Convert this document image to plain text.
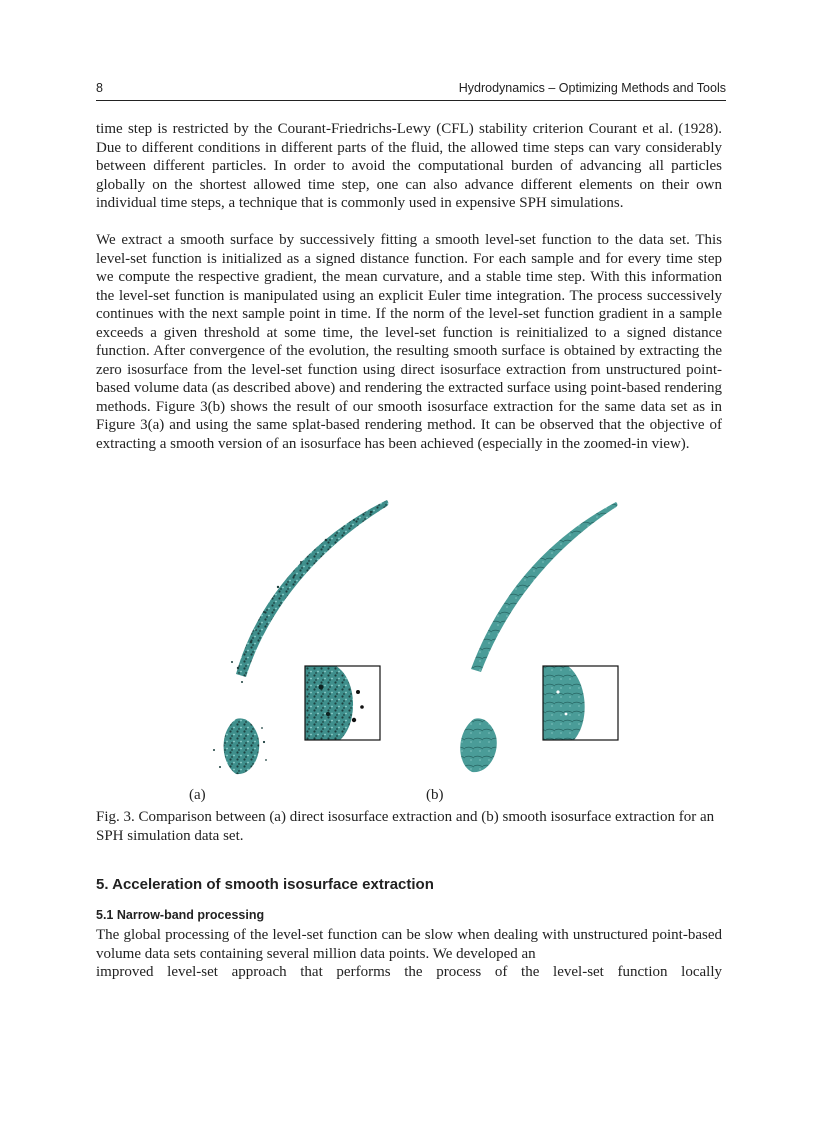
8	Hydrodynamics – Optimizing Methods and Tools

time step is restricted by the Courant-Friedrichs-Lewy (CFL) stability criterion Courant et al. (1928). Due to different conditions in different parts of the fluid, the allowed time steps can vary considerably between different particles. In order to avoid the computational burden of advancing all particles globally on the shortest allowed time step, one can also advance different elements on their own individual time steps, a technique that is commonly used in expensive SPH simulations.

We extract a smooth surface by successively fitting a smooth level-set function to the data set. This level-set function is initialized as a signed distance function. For each sample and for every time step we compute the respective gradient, the mean curvature, and a stable time step. With this information the level-set function is manipulated using an explicit Euler time integration. The process successively continues with the next sample point in time. If the norm of the level-set function gradient in a sample exceeds a given threshold at some time, the level-set function is reinitialized to a signed distance function. After convergence of the evolution, the resulting smooth surface is obtained by extracting the zero isosurface from the level-set function using direct isosurface extraction from unstructured point-based volume data (as described above) and rendering the extracted surface using point-based rendering methods. Figure 3(b) shows the result of our smooth isosurface extraction for the same data set as in Figure 3(a) and using the same splat-based rendering method. It can be observed that the objective of extracting a smooth version of an isosurface has been achieved (especially in the zoomed-in view).

(a)	(b)

Fig. 3. Comparison between (a) direct isosurface extraction and (b) smooth isosurface extraction for an SPH simulation data set.

5. Acceleration of smooth isosurface extraction
5.1 Narrow-band processing

The global processing of the level-set function can be slow when dealing with unstructured point-based volume data sets containing several million data points. We developed an
improved level-set approach that performs the process of the level-set function locally
